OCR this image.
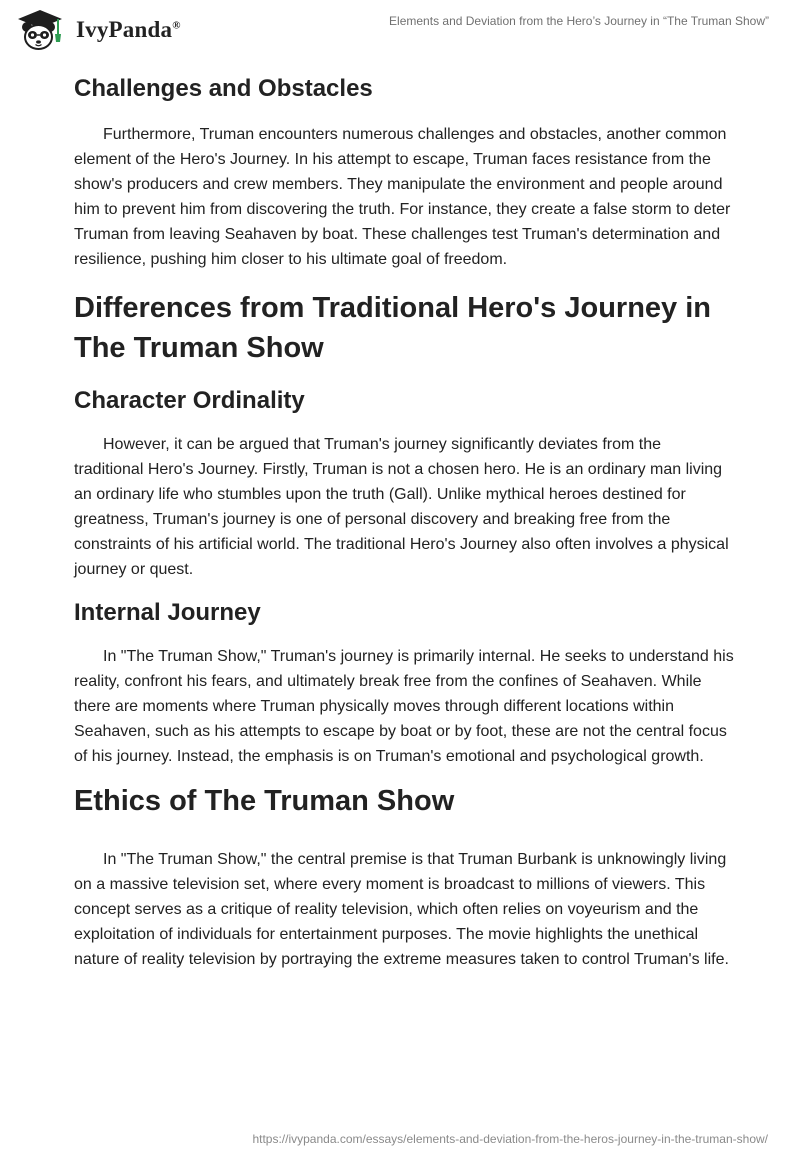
IvyPanda®	Elements and Deviation from the Hero’s Journey in “The Truman Show”
Challenges and Obstacles

Furthermore, Truman encounters numerous challenges and obstacles, another common element of the Hero's Journey. In his attempt to escape, Truman faces resistance from the show's producers and crew members. They manipulate the environment and people around him to prevent him from discovering the truth. For instance, they create a false storm to deter Truman from leaving Seahaven by boat. These challenges test Truman's determination and resilience, pushing him closer to his ultimate goal of freedom.

Differences from Traditional Hero's Journey in The Truman Show
Character Ordinality

However, it can be argued that Truman's journey significantly deviates from the traditional Hero's Journey. Firstly, Truman is not a chosen hero. He is an ordinary man living an ordinary life who stumbles upon the truth (Gall). Unlike mythical heroes destined for greatness, Truman's journey is one of personal discovery and breaking free from the constraints of his artificial world. The traditional Hero's Journey also often involves a physical journey or quest.

Internal Journey

In "The Truman Show," Truman's journey is primarily internal. He seeks to understand his reality, confront his fears, and ultimately break free from the confines of Seahaven. While there are moments where Truman physically moves through different locations within Seahaven, such as his attempts to escape by boat or by foot, these are not the central focus of his journey. Instead, the emphasis is on Truman's emotional and psychological growth.

Ethics of The Truman Show

In "The Truman Show," the central premise is that Truman Burbank is unknowingly living on a massive television set, where every moment is broadcast to millions of viewers. This concept serves as a critique of reality television, which often relies on voyeurism and the exploitation of individuals for entertainment purposes. The movie highlights the unethical nature of reality television by portraying the extreme measures taken to control Truman's life.

https://ivypanda.com/essays/elements-and-deviation-from-the-heros-journey-in-the-truman-show/
